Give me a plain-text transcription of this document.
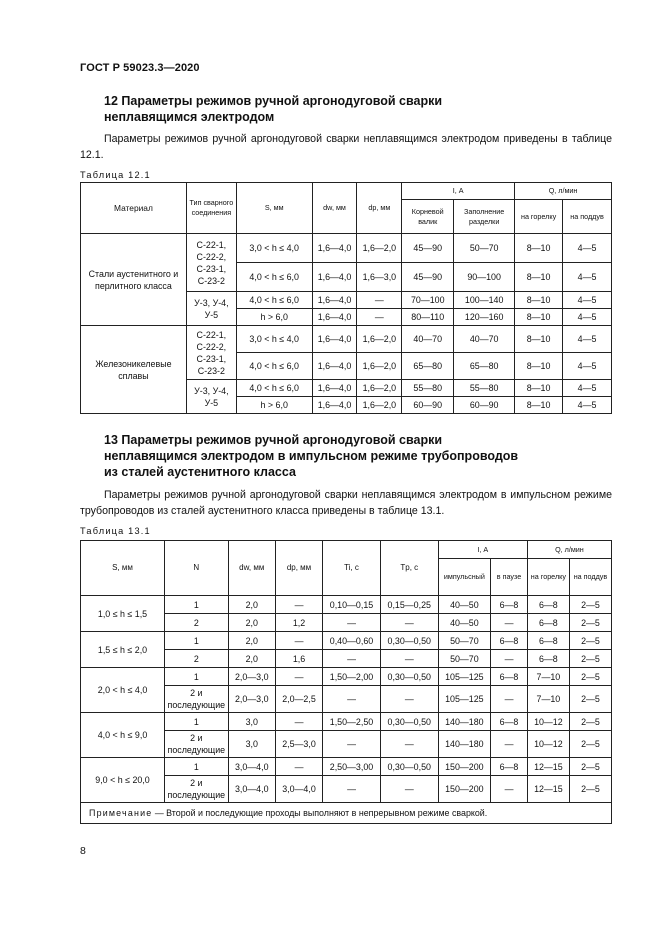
ГОСТ Р 59023.3—2020
12 Параметры режимов ручной аргонодуговой сварки
неплавящимся электродом
Параметры режимов ручной аргонодуговой сварки неплавящимся электродом приведены в таблице 12.1.
Таблица 12.1
Материал	Тип сварного соединения	S, мм	dw, мм	dp, мм	I, А		Q, л/мин	
					Корневой валик	Заполнение разделки	на горелку	на поддув
Стали аустенитного и перлитного класса	С-22-1, С-22-2, С-23-1, С-23-2	3,0 < h ≤ 4,0	1,6—4,0	1,6—2,0	45—90	50—70	8—10	4—5
		4,0 < h ≤ 6,0	1,6—4,0	1,6—3,0	45—90	90—100	8—10	4—5
	У-3, У-4, У-5	4,0 < h ≤ 6,0	1,6—4,0	—	70—100	100—140	8—10	4—5
		h > 6,0	1,6—4,0	—	80—110	120—160	8—10	4—5
Железоникелевые сплавы	С-22-1, С-22-2, С-23-1, С-23-2	3,0 < h ≤ 4,0	1,6—4,0	1,6—2,0	40—70	40—70	8—10	4—5
		4,0 < h ≤ 6,0	1,6—4,0	1,6—2,0	65—80	65—80	8—10	4—5
	У-3, У-4, У-5	4,0 < h ≤ 6,0	1,6—4,0	1,6—2,0	55—80	55—80	8—10	4—5
		h > 6,0	1,6—4,0	1,6—2,0	60—90	60—90	8—10	4—5
13 Параметры режимов ручной аргонодуговой сварки
неплавящимся электродом в импульсном режиме трубопроводов
из сталей аустенитного класса
Параметры режимов ручной аргонодуговой сварки неплавящимся электродом в импульсном режиме трубопроводов из сталей аустенитного класса приведены в таблице 13.1.
Таблица 13.1
S, мм	N	dw, мм	dp, мм	Ti, с	Tp, с	I, А		Q, л/мин	
						импульсный	в паузе	на горелку	на поддув
1,0 ≤ h ≤ 1,5	1	2,0	—	0,10—0,15	0,15—0,25	40—50	6—8	6—8	2—5
	2	2,0	1,2	—	—	40—50	—	6—8	2—5
1,5 ≤ h ≤ 2,0	1	2,0	—	0,40—0,60	0,30—0,50	50—70	6—8	6—8	2—5
	2	2,0	1,6	—	—	50—70	—	6—8	2—5
2,0 < h ≤ 4,0	1	2,0—3,0	—	1,50—2,00	0,30—0,50	105—125	6—8	7—10	2—5
	2 и последующие	2,0—3,0	2,0—2,5	—	—	105—125	—	7—10	2—5
4,0 < h ≤ 9,0	1	3,0	—	1,50—2,50	0,30—0,50	140—180	6—8	10—12	2—5
	2 и последующие	3,0	2,5—3,0	—	—	140—180	—	10—12	2—5
9,0 < h ≤ 20,0	1	3,0—4,0	—	2,50—3,00	0,30—0,50	150—200	6—8	12—15	2—5
	2 и последующие	3,0—4,0	3,0—4,0	—	—	150—200	—	12—15	2—5
Примечание — Второй и последующие проходы выполняют в непрерывном режиме сваркой.									
8
